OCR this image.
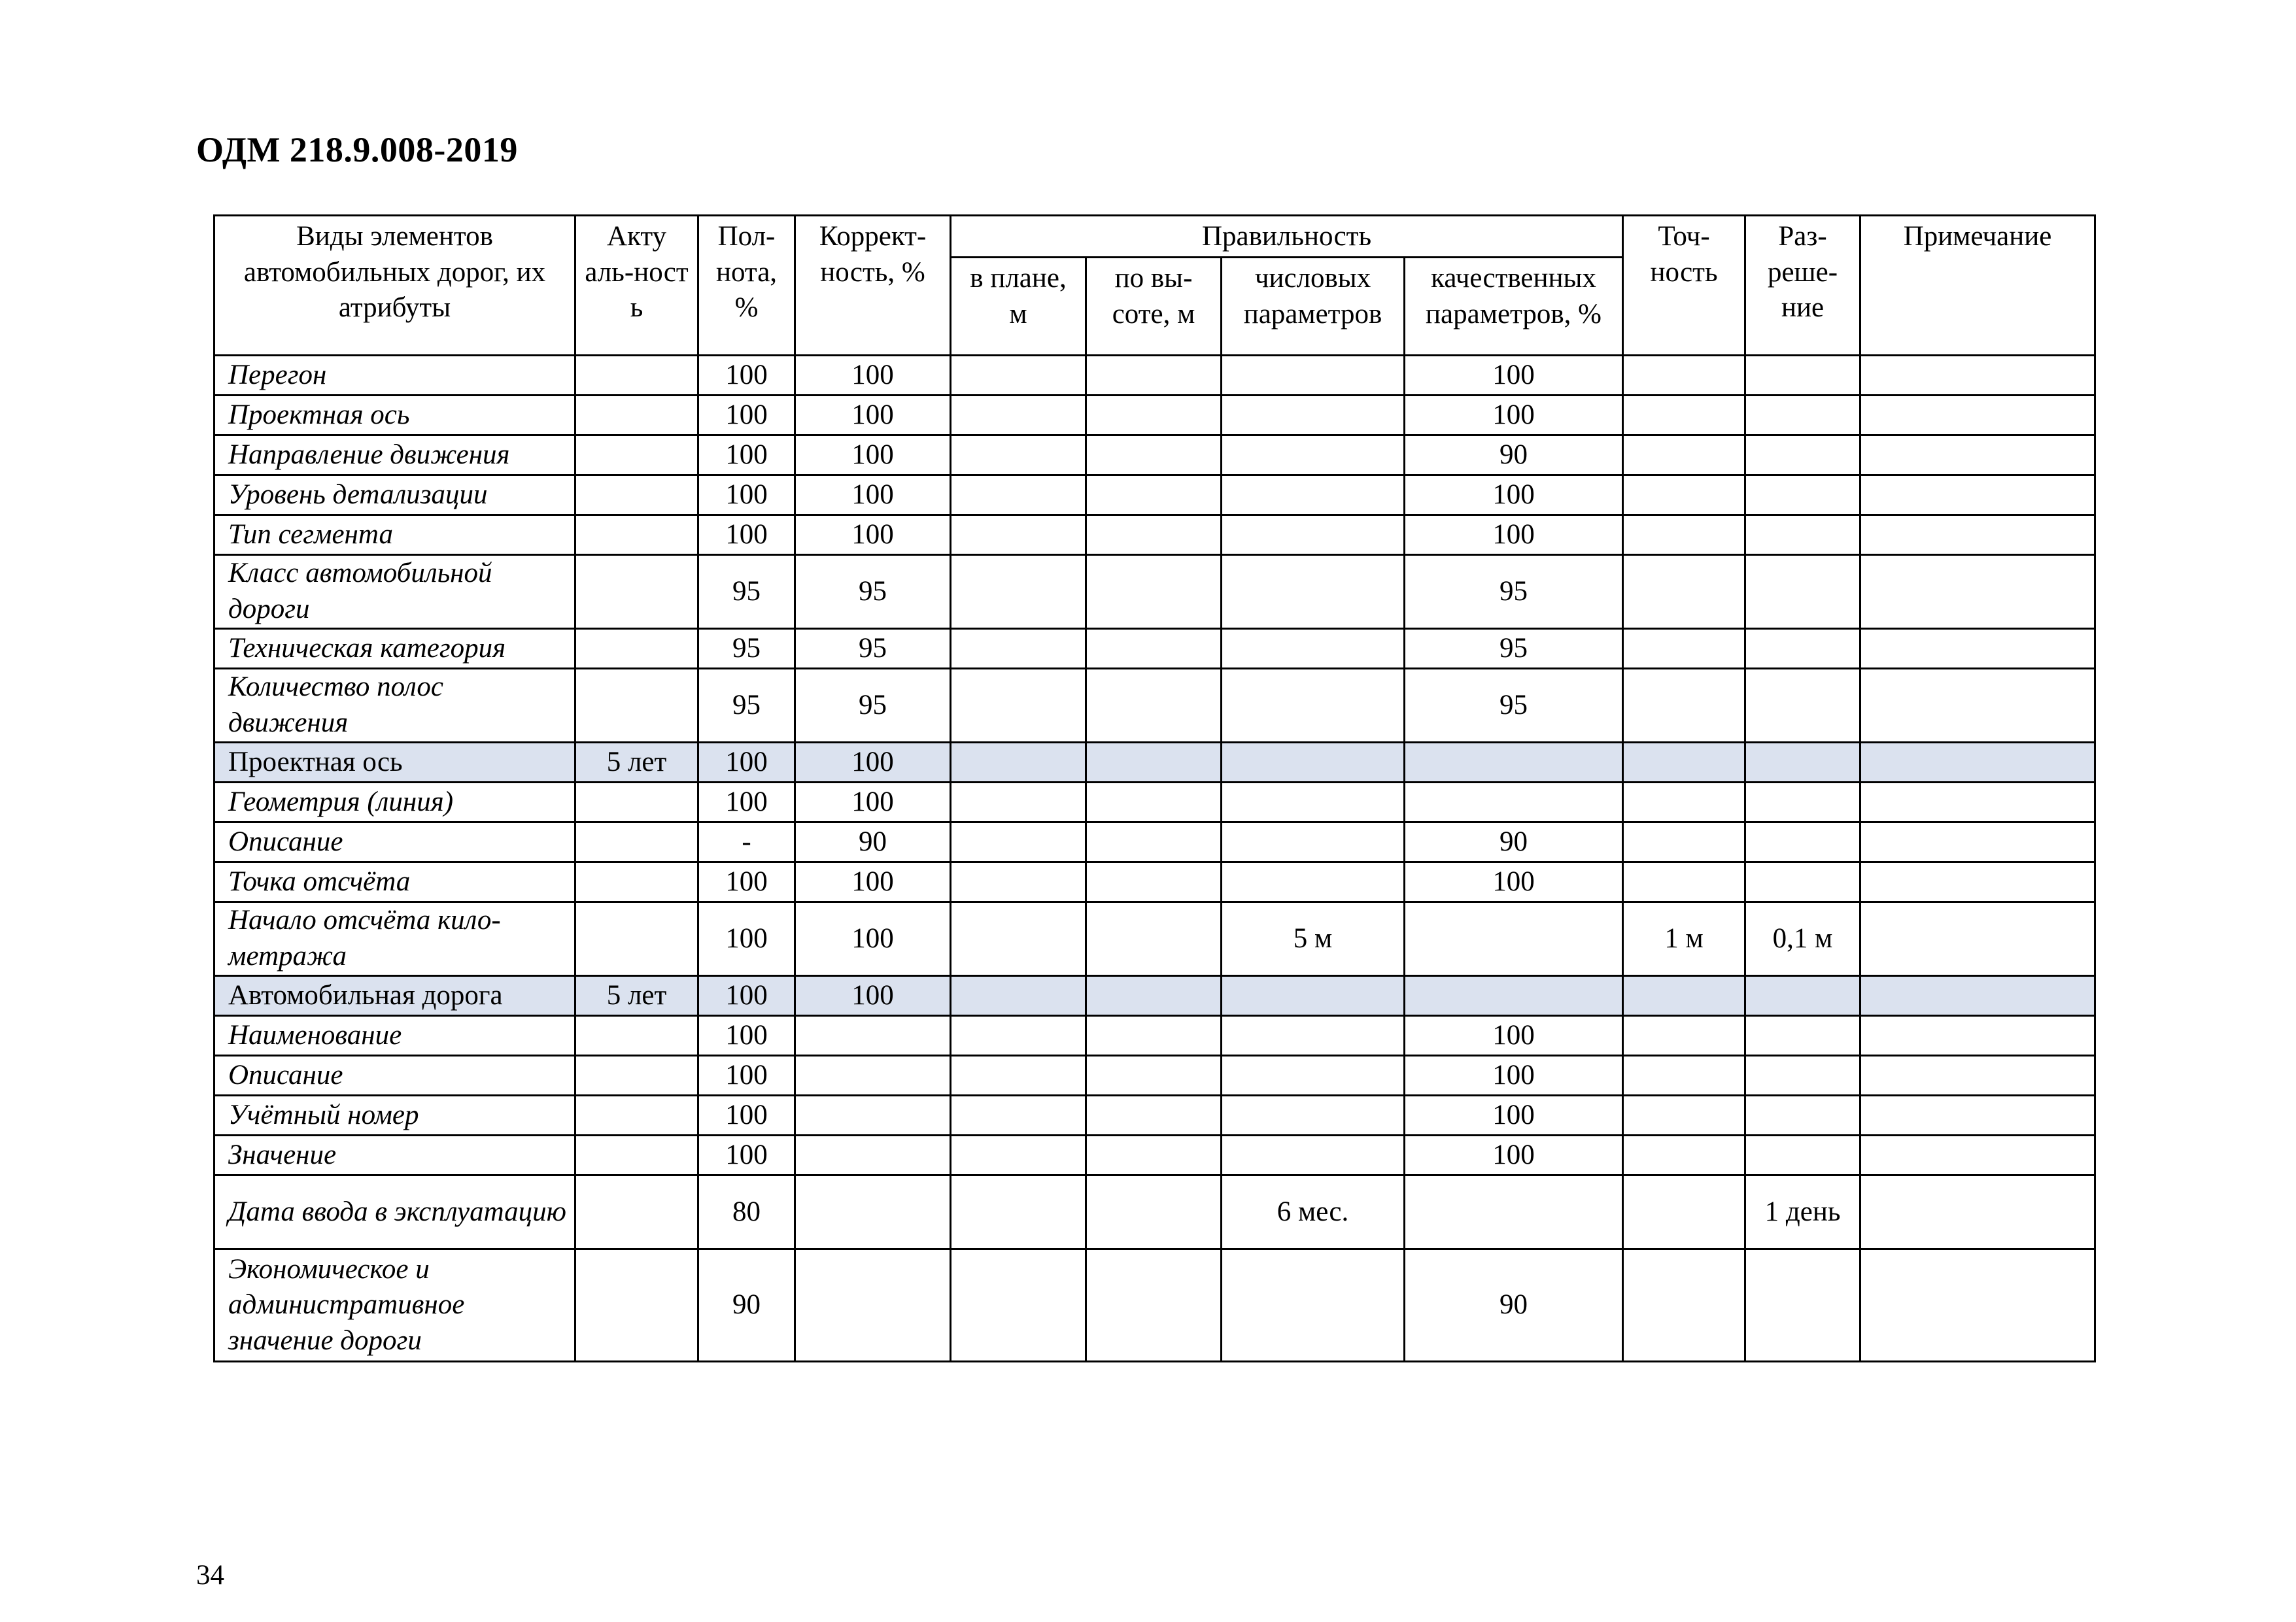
ОДМ 218.9.008-2019
Виды элементов автомобильных дорог, их атрибуты	Акту аль-ност ь	Пол-нота, %	Коррект-ность, %	Правильность				Точ-ность	Раз-реше-ние	Примечание

				в плане, м	по вы-соте, м	числовых параметров	качественных параметров, %			

Перегон		100	100				100			
Проектная ось		100	100				100			
Направление движения		100	100				90			
Уровень детализации		100	100				100			
Тип сегмента		100	100				100			
Класс автомобильной дороги		95	95				95			
Техническая категория		95	95				95			
Количество полос движения		95	95				95			
Проектная ось	5 лет	100	100							
Геометрия (линия)		100	100							
Описание		-	90				90			
Точка отсчёта		100	100				100			
Начало отсчёта кило-метража		100	100			5 м		1 м	0,1 м	
Автомобильная дорога	5 лет	100	100							
Наименование		100					100			
Описание		100					100			
Учётный номер		100					100			
Значение		100					100			
Дата ввода в эксплуатацию		80				6 мес.			1 день	
Экономическое и административное значение дороги		90					90			
34
